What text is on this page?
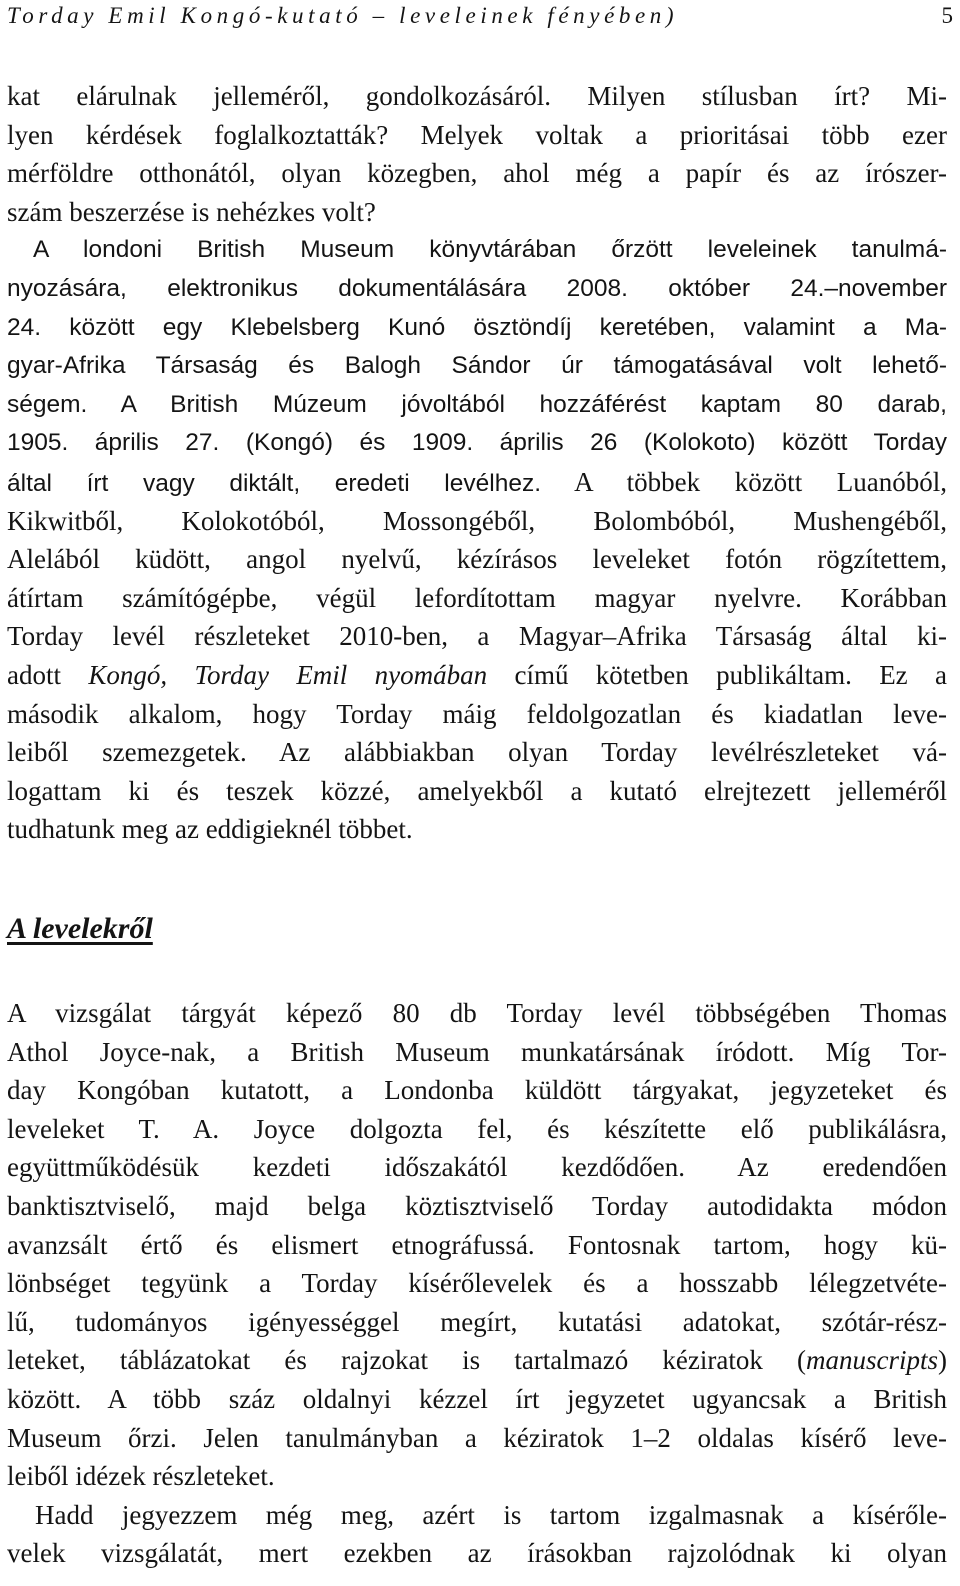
Torday Emil Kongó-kutató – leveleinek fényében)	5
kat elárulnak jelleméről, gondolkozásáról. Milyen stílusban írt? Mi-
lyen kérdések foglalkoztatták? Melyek voltak a prioritásai több ezer
mérföldre otthonától, olyan közegben, ahol még a papír és az írószer-
szám beszerzése is nehézkes volt?
A londoni British Museum könyvtárában őrzött leveleinek tanulmá-
nyozására, elektronikus dokumentálására 2008. október 24.–november
24. között egy Klebelsberg Kunó ösztöndíj keretében, valamint a Ma-
gyar-Afrika Társaság és Balogh Sándor úr támogatásával volt lehető-
ségem. A British Múzeum jóvoltából hozzáférést kaptam 80 darab,
1905. április 27. (Kongó) és 1909. április 26 (Kolokoto) között Torday
által írt vagy diktált, eredeti levélhez. A többek között Luanóból,
Kikwitből, Kolokotóból, Mossongéből, Bolombóból, Mushengéből,
Alelából küdött, angol nyelvű, kézírásos leveleket fotón rögzítettem,
átírtam számítógépbe, végül lefordítottam magyar nyelvre. Korábban
Torday levél részleteket 2010-ben, a Magyar–Afrika Társaság által ki-
adott Kongó, Torday Emil nyomában című kötetben publikáltam. Ez a
második alkalom, hogy Torday máig feldolgozatlan és kiadatlan leve-
leiből szemezgetek. Az alábbiakban olyan Torday levélrészleteket vá-
logattam ki és teszek közzé, amelyekből a kutató elrejtezett jelleméről
tudhatunk meg az eddigieknél többet.
A levelekről
A vizsgálat tárgyát képező 80 db Torday levél többségében Thomas
Athol Joyce-nak, a British Museum munkatársának íródott. Míg Tor-
day Kongóban kutatott, a Londonba küldött tárgyakat, jegyzeteket és
leveleket T. A. Joyce dolgozta fel, és készítette elő publikálásra,
együttműködésük kezdeti időszakától kezdődően. Az eredendően
banktisztviselő, majd belga köztisztviselő Torday autodidakta módon
avanzsált értő és elismert etnográfussá. Fontosnak tartom, hogy kü-
lönbséget tegyünk a Torday kísérőlevelek és a hosszabb lélegzetvéte-
lű, tudományos igényességgel megírt, kutatási adatokat, szótár-rész-
leteket, táblázatokat és rajzokat is tartalmazó kéziratok (manuscripts)
között. A több száz oldalnyi kézzel írt jegyzetet ugyancsak a British
Museum őrzi. Jelen tanulmányban a kéziratok 1–2 oldalas kísérő leve-
leiből idézek részleteket.
Hadd jegyezzem még meg, azért is tartom izgalmasnak a kísérőle-
velek vizsgálatát, mert ezekben az írásokban rajzolódnak ki olyan
